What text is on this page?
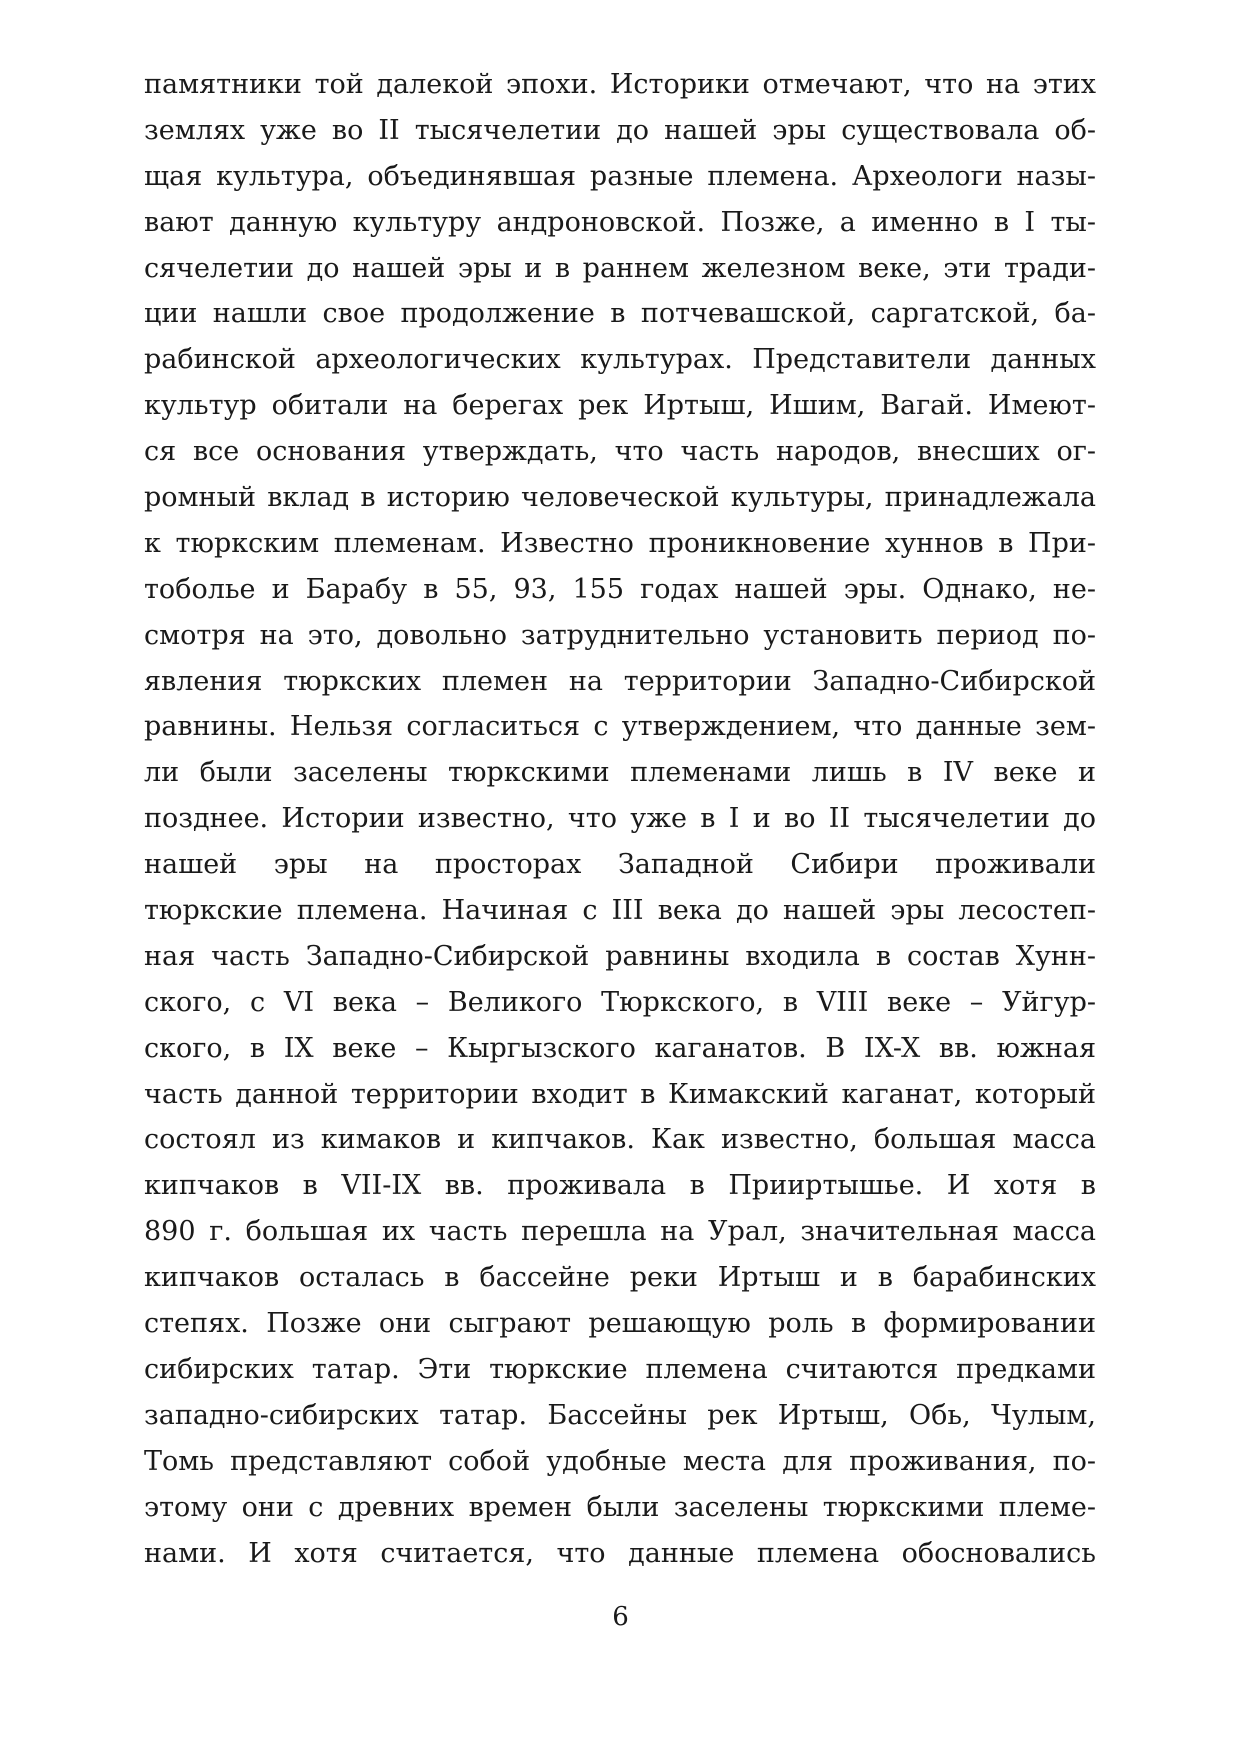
памятники той далекой эпохи. Историки отмечают, что на этих
землях уже во II тысячелетии до нашей эры существовала об-
щая культура, объединявшая разные племена. Археологи назы-
вают данную культуру андроновской. Позже, а именно в I ты-
сячелетии до нашей эры и в раннем железном веке, эти тради-
ции нашли свое продолжение в потчевашской, саргатской, ба-
рабинской археологических культурах. Представители данных
культур обитали на берегах рек Иртыш, Ишим, Вагай. Имеют-
ся все основания утверждать, что часть народов, внесших ог-
ромный вклад в историю человеческой культуры, принадлежала
к тюркским племенам. Известно проникновение хуннов в При-
тоболье и Барабу в 55, 93, 155 годах нашей эры. Однако, не-
смотря на это, довольно затруднительно установить период по-
явления тюркских племен на территории Западно-Сибирской
равнины. Нельзя согласиться с утверждением, что данные зем-
ли были заселены тюркскими племенами лишь в IV веке и
позднее. Истории известно, что уже в I и во II тысячелетии до
нашей эры на просторах Западной Сибири проживали
тюркские племена. Начиная с III века до нашей эры лесостеп-
ная часть Западно-Сибирской равнины входила в состав Хунн-
ского, с VI века – Великого Тюркского, в VIII веке – Уйгур-
ского, в IX веке – Кыргызского каганатов. В IX-X вв. южная
часть данной территории входит в Кимакский каганат, который
состоял из кимаков и кипчаков. Как известно, большая масса
кипчаков в VII-IX вв. проживала в Прииртышье. И хотя в
890 г. большая их часть перешла на Урал, значительная масса
кипчаков осталась в бассейне реки Иртыш и в барабинских
степях. Позже они сыграют решающую роль в формировании
сибирских татар. Эти тюркские племена считаются предками
западно-сибирских татар. Бассейны рек Иртыш, Обь, Чулым,
Томь представляют собой удобные места для проживания, по-
этому они с древних времен были заселены тюркскими племе-
нами. И хотя считается, что данные племена обосновались
6
